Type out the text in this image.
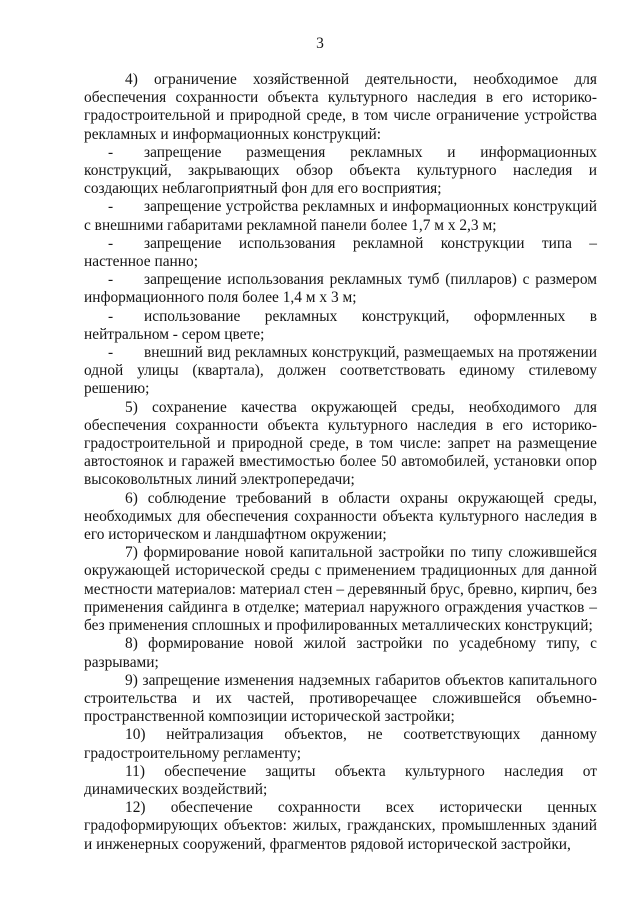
3

4) ограничение хозяйственной деятельности, необходимое для обеспечения сохранности объекта культурного наследия в его историко-градостроительной и природной среде, в том числе ограничение устройства рекламных и информационных конструкций:

- запрещение размещения рекламных и информационных конструкций, закрывающих обзор объекта культурного наследия и создающих неблагоприятный фон для его восприятия;

- запрещение устройства рекламных и информационных конструкций с внешними габаритами рекламной панели более 1,7 м х 2,3 м;

- запрещение использования рекламной конструкции типа – настенное панно;

- запрещение использования рекламных тумб (пилларов) с размером информационного поля более 1,4 м х 3 м;

- использование рекламных конструкций, оформленных в нейтральном - сером цвете;

- внешний вид рекламных конструкций, размещаемых на протяжении одной улицы (квартала), должен соответствовать единому стилевому решению;

5) сохранение качества окружающей среды, необходимого для обеспечения сохранности объекта культурного наследия в его историко-градостроительной и природной среде, в том числе: запрет на размещение автостоянок и гаражей вместимостью более 50 автомобилей, установки опор высоковольтных линий электропередачи;

6) соблюдение требований в области охраны окружающей среды, необходимых для обеспечения сохранности объекта культурного наследия в его историческом и ландшафтном окружении;

7) формирование новой капитальной застройки по типу сложившейся окружающей исторической среды с применением традиционных для данной местности материалов: материал стен – деревянный брус, бревно, кирпич, без применения сайдинга в отделке; материал наружного ограждения участков – без применения сплошных и профилированных металлических конструкций;

8) формирование новой жилой застройки по усадебному типу, с разрывами;

9) запрещение изменения надземных габаритов объектов капитального строительства и их частей, противоречащее сложившейся объемно-пространственной композиции исторической застройки;

10) нейтрализация объектов, не соответствующих данному градостроительному регламенту;

11) обеспечение защиты объекта культурного наследия от динамических воздействий;

12) обеспечение сохранности всех исторически ценных градоформирующих объектов: жилых, гражданских, промышленных зданий и инженерных сооружений, фрагментов рядовой исторической застройки,
